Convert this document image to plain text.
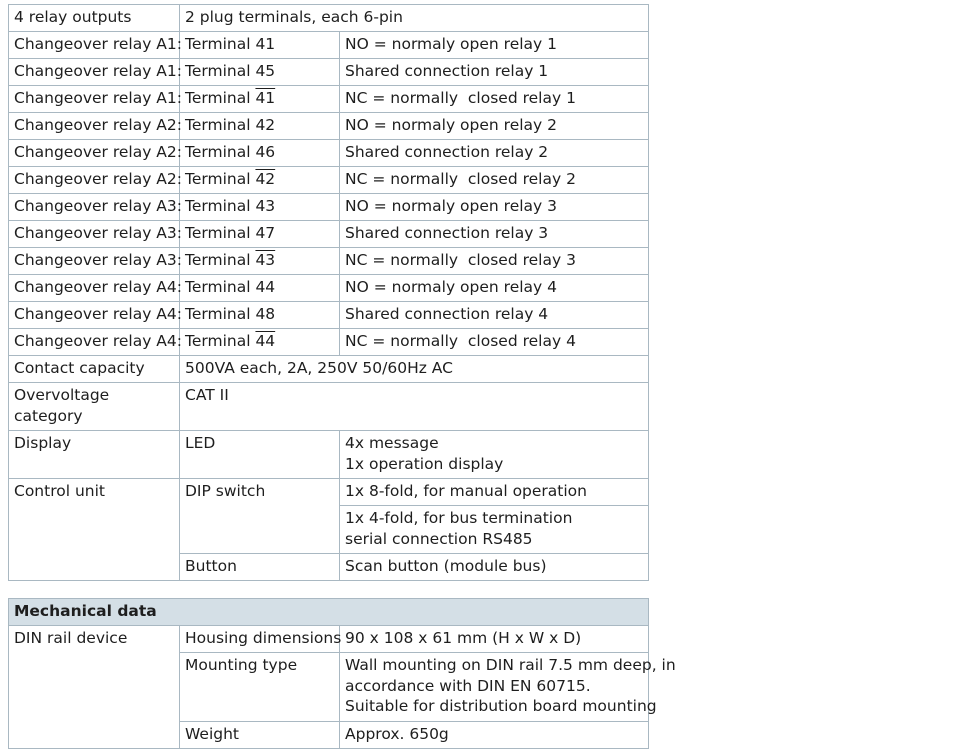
4 relay outputs	2 plug terminals, each 6-pin	
Changeover relay A1:	Terminal 41	NO = normaly open relay 1
Changeover relay A1:	Terminal 45	Shared connection relay 1
Changeover relay A1:	Terminal 41	NC = normally  closed relay 1
Changeover relay A2:	Terminal 42	NO = normaly open relay 2
Changeover relay A2:	Terminal 46	Shared connection relay 2
Changeover relay A2:	Terminal 42	NC = normally  closed relay 2
Changeover relay A3:	Terminal 43	NO = normaly open relay 3
Changeover relay A3:	Terminal 47	Shared connection relay 3
Changeover relay A3:	Terminal 43	NC = normally  closed relay 3
Changeover relay A4:	Terminal 44	NO = normaly open relay 4
Changeover relay A4:	Terminal 48	Shared connection relay 4
Changeover relay A4:	Terminal 44	NC = normally  closed relay 4
Contact capacity	500VA each, 2A, 250V 50/60Hz AC	

Overvoltage
category	CAT II	
Display	LED	4x message
1x operation display

Control unit	DIP switch	1x 8-fold, for manual operation

		1x 4-fold, for bus termination
serial connection RS485

	Button	Scan button (module bus)
Mechanical data		
DIN rail device	Housing dimensions	90 x 108 x 61 mm (H x W x D)
	Mounting type	Wall mounting on DIN rail 7.5 mm deep, in
accordance with DIN EN 60715.
Suitable for distribution board mounting

	Weight	Approx. 650g
